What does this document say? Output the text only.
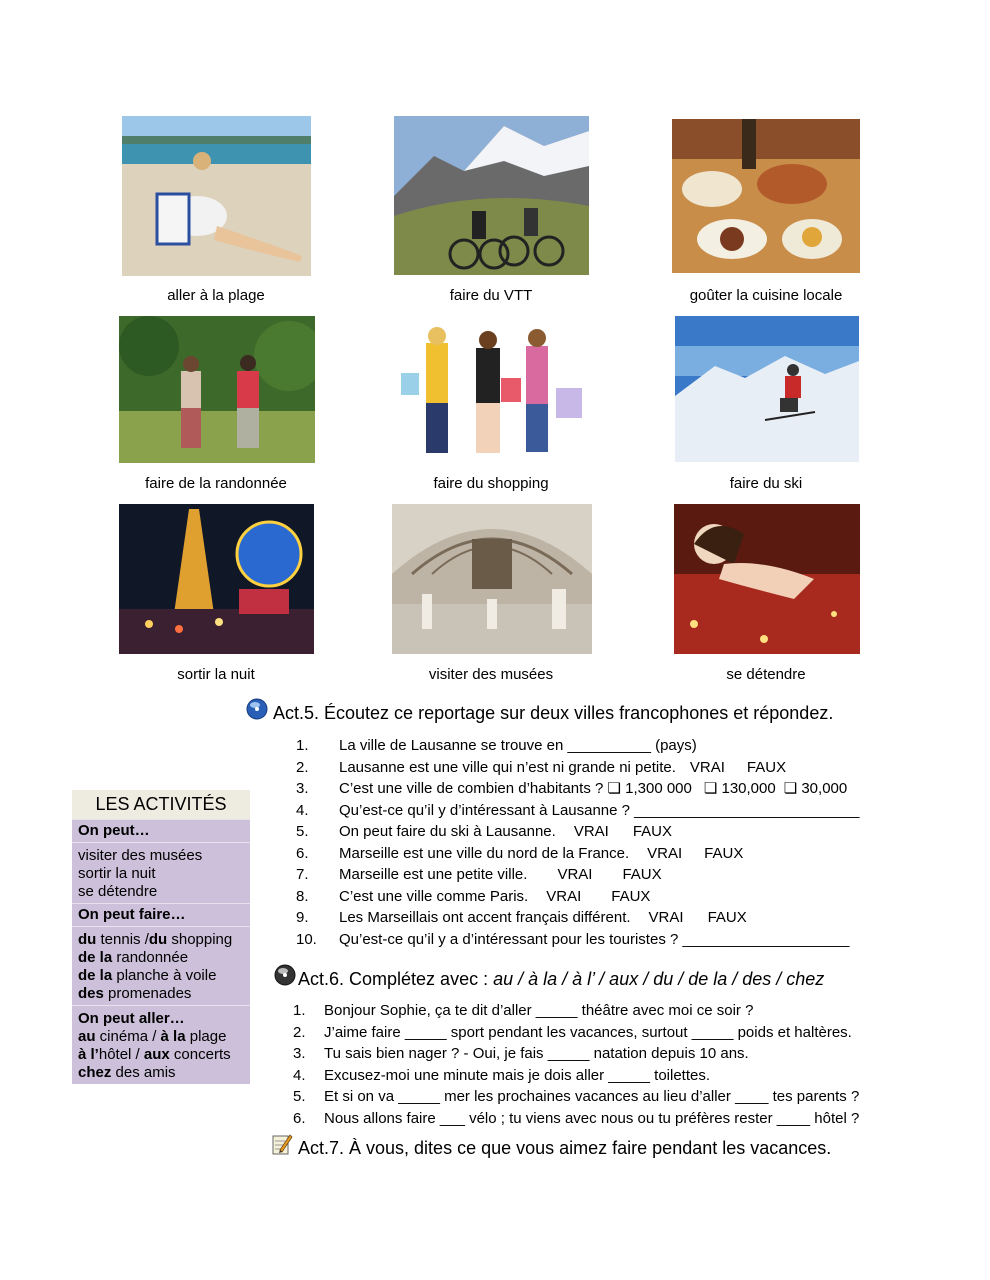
aller à la plage	faire du VTT	goûter la cuisine locale
faire de la randonnée	faire du shopping	faire du ski
sortir la nuit	visiter des musées	se détendre
Act.5. Écoutez ce reportage sur deux villes francophones et répondez.
1. La ville de Lausanne se trouve en __________ (pays)
2. Lausanne est une ville qui n’est ni grande ni petite. VRAI FAUX
3. C’est une ville de combien d’habitants ? ❏ 1,300 000 ❏ 130,000 ❏ 30,000
4. Qu’est-ce qu’il y d’intéressant à Lausanne ? ___________________________
5. On peut faire du ski à Lausanne. VRAI FAUX
6. Marseille est une ville du nord de la France. VRAI FAUX
7. Marseille est une petite ville. VRAI FAUX
8. C’est une ville comme Paris. VRAI FAUX
9. Les Marseillais ont accent français différent. VRAI FAUX
10. Qu’est-ce qu’il y a d’intéressant pour les touristes ? ____________________
LES ACTIVITÉS
On peut…
visiter des musées
sortir la nuit
se détendre
On peut faire…
du tennis /du shopping
de la randonnée
de la planche à voile
des promenades
On peut aller…
au cinéma / à la plage
à l’hôtel / aux concerts
chez des amis
Act.6. Complétez avec : au / à la / à l’ / aux / du / de la / des / chez
1. Bonjour Sophie, ça te dit d’aller _____ théâtre avec moi ce soir ?
2. J’aime faire _____ sport pendant les vacances, surtout _____ poids et haltères.
3. Tu sais bien nager ? - Oui, je fais _____ natation depuis 10 ans.
4. Excusez-moi une minute mais je dois aller _____ toilettes.
5. Et si on va _____ mer les prochaines vacances au lieu d’aller ____ tes parents ?
6. Nous allons faire ___ vélo ; tu viens avec nous ou tu préfères rester ____ hôtel ?
Act.7. À vous, dites ce que vous aimez faire pendant les vacances.
